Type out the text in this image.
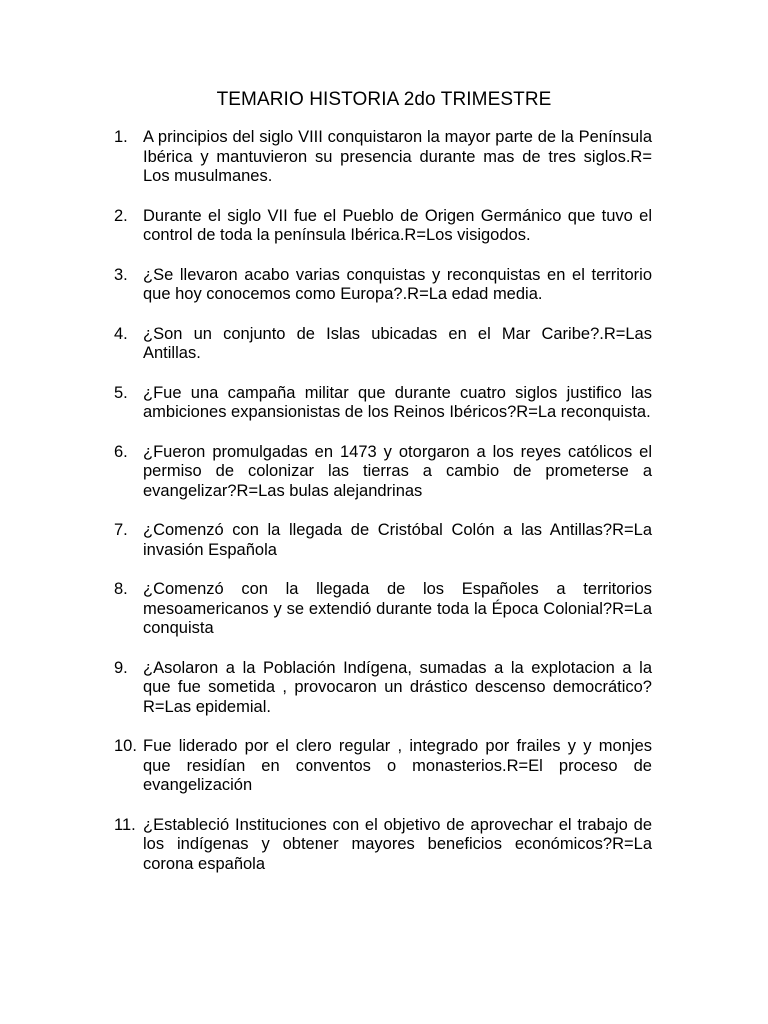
TEMARIO HISTORIA 2do TRIMESTRE
1. A principios del siglo VIII conquistaron la mayor parte de la Península Ibérica y mantuvieron su presencia durante mas de tres siglos.R= Los musulmanes.
2. Durante el siglo VII fue el Pueblo de Origen Germánico que tuvo el control de toda la península Ibérica.R=Los visigodos.
3. ¿Se llevaron acabo varias conquistas y reconquistas en el territorio que hoy conocemos como Europa?.R=La edad media.
4. ¿Son un conjunto de Islas ubicadas en el Mar Caribe?.R=Las Antillas.
5. ¿Fue una campaña militar que durante cuatro siglos justifico las ambiciones expansionistas de los Reinos Ibéricos?R=La reconquista.
6. ¿Fueron promulgadas en 1473 y otorgaron a los reyes católicos el permiso de colonizar las tierras a cambio de prometerse a evangelizar?R=Las bulas alejandrinas
7. ¿Comenzó con la llegada de Cristóbal Colón a las Antillas?R=La invasión Española
8. ¿Comenzó con la llegada de los Españoles a territorios mesoamericanos y se extendió durante toda la Época Colonial?R=La conquista
9. ¿Asolaron a la Población Indígena, sumadas a la explotacion a la que fue sometida , provocaron un drástico descenso democrático?R=Las epidemial.
10. Fue liderado por el clero regular , integrado por frailes y y monjes que residían en conventos o monasterios.R=El proceso de evangelización
11. ¿Estableció Instituciones con el objetivo de aprovechar el trabajo de los indígenas y obtener mayores beneficios económicos?R=La corona española
